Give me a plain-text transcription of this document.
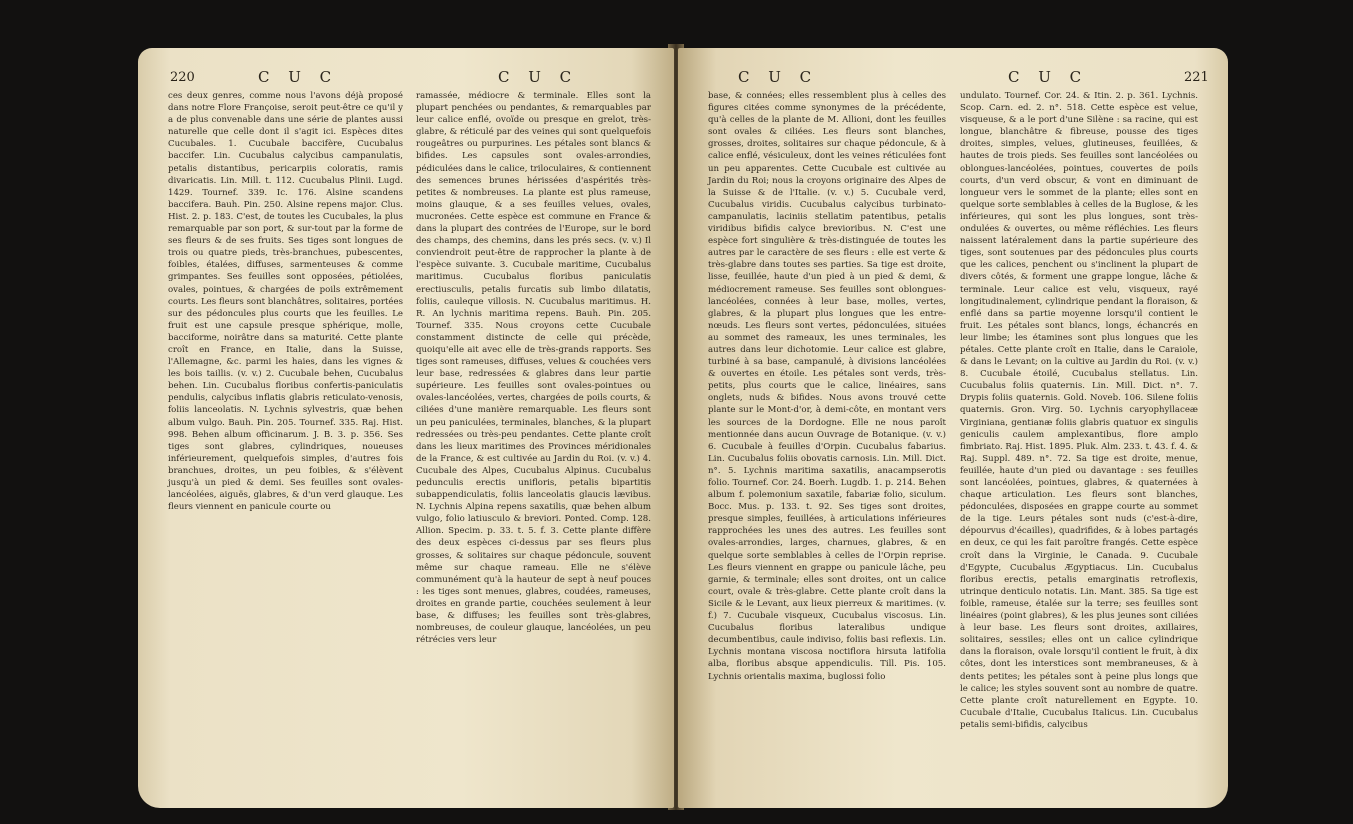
220	C U C	C U C

ces deux genres, comme nous l'avons déjà proposé dans notre Flore Françoise, seroit peut-être ce qu'il y a de plus convenable dans une série de plantes aussi naturelle que celle dont il s'agit ici. Espèces dites Cucubales. 1. Cucubale baccifère, Cucubalus baccifer. Lin. Cucubalus calycibus campanulatis, petalis distantibus, pericarpiis coloratis, ramis divaricatis. Lin. Mill. t. 112. Cucubalus Plinii. Lugd. 1429. Tournef. 339. Ic. 176. Alsine scandens baccifera. Bauh. Pin. 250. Alsine repens major. Clus. Hist. 2. p. 183. C'est, de toutes les Cucubales, la plus remarquable par son port, & sur-tout par la forme de ses fleurs & de ses fruits. Ses tiges sont longues de trois ou quatre pieds, très-branchues, pubescentes, foibles, étalées, diffuses, sarmenteuses & comme grimpantes. Ses feuilles sont opposées, pétiolées, ovales, pointues, & chargées de poils extrêmement courts. Les fleurs sont blanchâtres, solitaires, portées sur des pédoncules plus courts que les feuilles. Le fruit est une capsule presque sphérique, molle, bacciforme, noirâtre dans sa maturité. Cette plante croît en France, en Italie, dans la Suisse, l'Allemagne, &c. parmi les haies, dans les vignes & les bois taillis. (v. v.) 2. Cucubale behen, Cucubalus behen. Lin. Cucubalus floribus confertis-paniculatis pendulis, calycibus inflatis glabris reticulato-venosis, foliis lanceolatis. N. Lychnis sylvestris, quæ behen album vulgo. Bauh. Pin. 205. Tournef. 335. Raj. Hist. 998. Behen album officinarum. J. B. 3. p. 356. Ses tiges sont glabres, cylindriques, noueuses inférieurement, quelquefois simples, d'autres fois branchues, droites, un peu foibles, & s'élèvent jusqu'à un pied & demi. Ses feuilles sont ovales-lancéolées, aiguës, glabres, & d'un verd glauque. Les fleurs viennent en panicule courte ou

ramassée, médiocre & terminale. Elles sont la plupart penchées ou pendantes, & remarquables par leur calice enflé, ovoïde ou presque en grelot, très-glabre, & réticulé par des veines qui sont quelquefois rougeâtres ou purpurines. Les pétales sont blancs & bifides. Les capsules sont ovales-arrondies, pédiculées dans le calice, triloculaires, & contiennent des semences brunes hérissées d'aspérités très-petites & nombreuses. La plante est plus rameuse, moins glauque, & a ses feuilles velues, ovales, mucronées. Cette espèce est commune en France & dans la plupart des contrées de l'Europe, sur le bord des champs, des chemins, dans les prés secs. (v. v.) Il conviendroit peut-être de rapprocher la plante à de l'espèce suivante. 3. Cucubale maritime, Cucubalus maritimus. Cucubalus floribus paniculatis erectiusculis, petalis furcatis sub limbo dilatatis, foliis, cauleque villosis. N. Cucubalus maritimus. H. R. An lychnis maritima repens. Bauh. Pin. 205. Tournef. 335. Nous croyons cette Cucubale constamment distincte de celle qui précède, quoiqu'elle ait avec elle de très-grands rapports. Ses tiges sont rameuses, diffuses, velues & couchées vers leur base, redressées & glabres dans leur partie supérieure. Les feuilles sont ovales-pointues ou ovales-lancéolées, vertes, chargées de poils courts, & ciliées d'une manière remarquable. Les fleurs sont un peu paniculées, terminales, blanches, & la plupart redressées ou très-peu pendantes. Cette plante croît dans les lieux maritimes des Provinces méridionales de la France, & est cultivée au Jardin du Roi. (v. v.) 4. Cucubale des Alpes, Cucubalus Alpinus. Cucubalus pedunculis erectis unifloris, petalis bipartitis subappendiculatis, foliis lanceolatis glaucis lævibus. N. Lychnis Alpina repens saxatilis, quæ behen album vulgo, folio latiusculo & breviori. Ponted. Comp. 128. Allion. Specim. p. 33. t. 5. f. 3. Cette plante diffère des deux espèces ci-dessus par ses fleurs plus grosses, & solitaires sur chaque pédoncule, souvent même sur chaque rameau. Elle ne s'élève communément qu'à la hauteur de sept à neuf pouces : les tiges sont menues, glabres, coudées, rameuses, droites en grande partie, couchées seulement à leur base, & diffuses; les feuilles sont très-glabres, nombreuses, de couleur glauque, lancéolées, un peu rétrécies vers leur

C U C	C U C	221

base, & connées; elles ressemblent plus à celles des figures citées comme synonymes de la précédente, qu'à celles de la plante de M. Allioni, dont les feuilles sont ovales & ciliées. Les fleurs sont blanches, grosses, droites, solitaires sur chaque pédoncule, & à calice enflé, vésiculeux, dont les veines réticulées font un peu apparentes. Cette Cucubale est cultivée au Jardin du Roi; nous la croyons originaire des Alpes de la Suisse & de l'Italie. (v. v.) 5. Cucubale verd, Cucubalus viridis. Cucubalus calycibus turbinato-campanulatis, laciniis stellatim patentibus, petalis viridibus bifidis calyce brevioribus. N. C'est une espèce fort singulière & très-distinguée de toutes les autres par le caractère de ses fleurs : elle est verte & très-glabre dans toutes ses parties. Sa tige est droite, lisse, feuillée, haute d'un pied à un pied & demi, & médiocrement rameuse. Ses feuilles sont oblongues-lancéolées, connées à leur base, molles, vertes, glabres, & la plupart plus longues que les entre-nœuds. Les fleurs sont vertes, pédonculées, situées au sommet des rameaux, les unes terminales, les autres dans leur dichotomie. Leur calice est glabre, turbiné à sa base, campanulé, à divisions lancéolées & ouvertes en étoile. Les pétales sont verds, très-petits, plus courts que le calice, linéaires, sans onglets, nuds & bifides. Nous avons trouvé cette plante sur le Mont-d'or, à demi-côte, en montant vers les sources de la Dordogne. Elle ne nous paroît mentionnée dans aucun Ouvrage de Botanique. (v. v.) 6. Cucubale à feuilles d'Orpin. Cucubalus fabarius. Lin. Cucubalus foliis obovatis carnosis. Lin. Mill. Dict. n°. 5. Lychnis maritima saxatilis, anacampserotis folio. Tournef. Cor. 24. Boerh. Lugdb. 1. p. 214. Behen album f. polemonium saxatile, fabariæ folio, siculum. Bocc. Mus. p. 133. t. 92. Ses tiges sont droites, presque simples, feuillées, à articulations inférieures rapprochées les unes des autres. Les feuilles sont ovales-arrondies, larges, charnues, glabres, & en quelque sorte semblables à celles de l'Orpin reprise. Les fleurs viennent en grappe ou panicule lâche, peu garnie, & terminale; elles sont droites, ont un calice court, ovale & très-glabre. Cette plante croît dans la Sicile & le Levant, aux lieux pierreux & maritimes. (v. f.) 7. Cucubale visqueux, Cucubalus viscosus. Lin. Cucubalus floribus lateralibus undique decumbentibus, caule indiviso, foliis basi reflexis. Lin. Lychnis montana viscosa noctiflora hirsuta latifolia alba, floribus absque appendiculis. Till. Pis. 105. Lychnis orientalis maxima, buglossi folio

undulato. Tournef. Cor. 24. & Itin. 2. p. 361. Lychnis. Scop. Carn. ed. 2. n°. 518. Cette espèce est velue, visqueuse, & a le port d'une Silène : sa racine, qui est longue, blanchâtre & fibreuse, pousse des tiges droites, simples, velues, glutineuses, feuillées, & hautes de trois pieds. Ses feuilles sont lancéolées ou oblongues-lancéolées, pointues, couvertes de poils courts, d'un verd obscur, & vont en diminuant de longueur vers le sommet de la plante; elles sont en quelque sorte semblables à celles de la Buglose, & les inférieures, qui sont les plus longues, sont très-ondulées & ouvertes, ou même réfléchies. Les fleurs naissent latéralement dans la partie supérieure des tiges, sont soutenues par des pédoncules plus courts que les calices, penchent ou s'inclinent la plupart de divers côtés, & forment une grappe longue, lâche & terminale. Leur calice est velu, visqueux, rayé longitudinalement, cylindrique pendant la floraison, & enflé dans sa partie moyenne lorsqu'il contient le fruit. Les pétales sont blancs, longs, échancrés en leur limbe; les étamines sont plus longues que les pétales. Cette plante croît en Italie, dans le Caraiole, & dans le Levant; on la cultive au Jardin du Roi. (v. v.) 8. Cucubale étoilé, Cucubalus stellatus. Lin. Cucubalus foliis quaternis. Lin. Mill. Dict. n°. 7. Drypis foliis quaternis. Gold. Noveb. 106. Silene foliis quaternis. Gron. Virg. 50. Lychnis caryophyllaceæ Virginiana, gentianæ foliis glabris quatuor ex singulis geniculis caulem amplexantibus, flore amplo fimbriato. Raj. Hist. 1895. Pluk. Alm. 233. t. 43. f. 4. & Raj. Suppl. 489. n°. 72. Sa tige est droite, menue, feuillée, haute d'un pied ou davantage : ses feuilles sont lancéolées, pointues, glabres, & quaternées à chaque articulation. Les fleurs sont blanches, pédonculées, disposées en grappe courte au sommet de la tige. Leurs pétales sont nuds (c'est-à-dire, dépourvus d'écailles), quadrifides, & à lobes partagés en deux, ce qui les fait paroître frangés. Cette espèce croît dans la Virginie, le Canada. 9. Cucubale d'Egypte, Cucubalus Ægyptiacus. Lin. Cucubalus floribus erectis, petalis emarginatis retroflexis, utrinque denticulo notatis. Lin. Mant. 385. Sa tige est foible, rameuse, étalée sur la terre; ses feuilles sont linéaires (point glabres), & les plus jeunes sont ciliées à leur base. Les fleurs sont droites, axillaires, solitaires, sessiles; elles ont un calice cylindrique dans la floraison, ovale lorsqu'il contient le fruit, à dix côtes, dont les interstices sont membraneuses, & à dents petites; les pétales sont à peine plus longs que le calice; les styles souvent sont au nombre de quatre. Cette plante croît naturellement en Egypte. 10. Cucubale d'Italie, Cucubalus Italicus. Lin. Cucubalus petalis semi-bifidis, calycibus
